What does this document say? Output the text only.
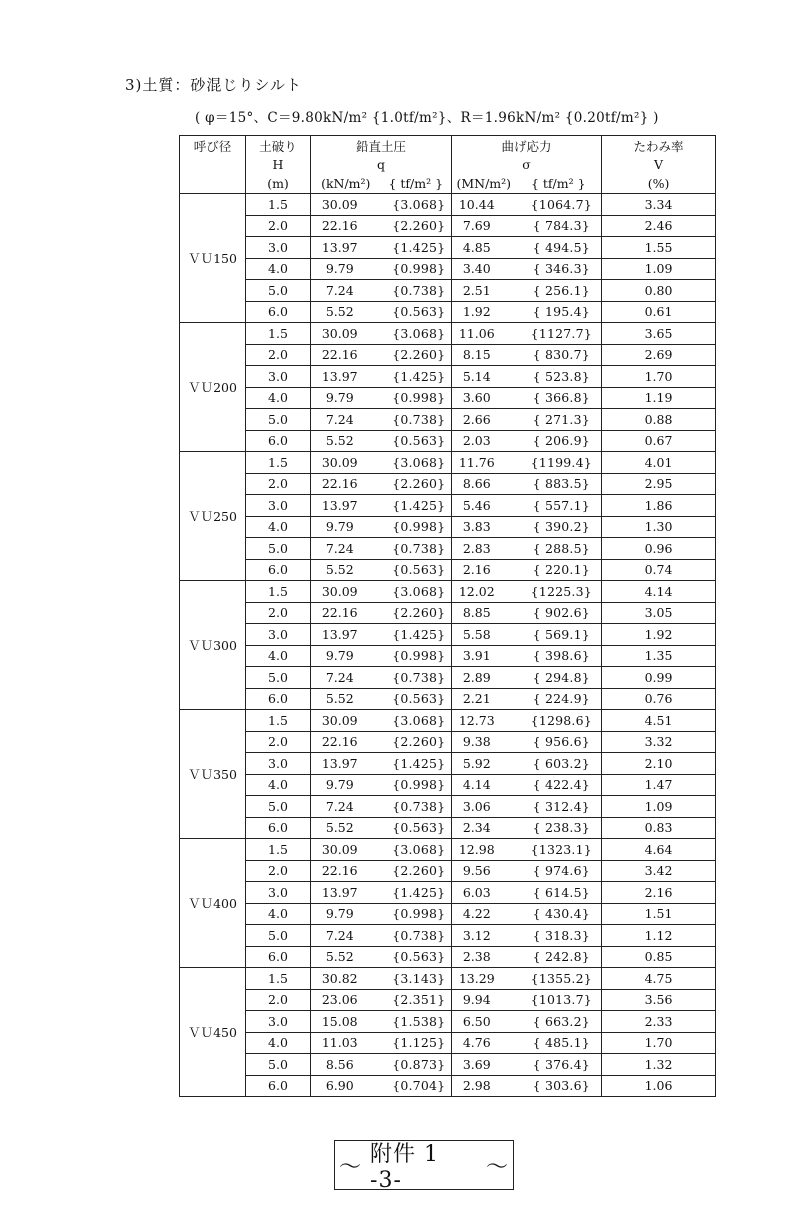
3)土質：砂混じりシルト
( φ＝15°、C＝9.80kN/m² {1.0tf/m²}、R＝1.96kN/m² {0.20tf/m²} )
呼び径	土破り	鉛直土圧		曲げ応力		たわみ率
	H	q		σ		V
	(m)	(kN/m²)	{ tf/m² }	(MN/m²)	{ tf/m² }	(%)
ＶＵ150	1.5	30.09	{3.068}	10.44	{1064.7}	3.34
	2.0	22.16	{2.260}	7.69	{ 784.3}	2.46
	3.0	13.97	{1.425}	4.85	{ 494.5}	1.55
	4.0	9.79	{0.998}	3.40	{ 346.3}	1.09
	5.0	7.24	{0.738}	2.51	{ 256.1}	0.80
	6.0	5.52	{0.563}	1.92	{ 195.4}	0.61
ＶＵ200	1.5	30.09	{3.068}	11.06	{1127.7}	3.65
	2.0	22.16	{2.260}	8.15	{ 830.7}	2.69
	3.0	13.97	{1.425}	5.14	{ 523.8}	1.70
	4.0	9.79	{0.998}	3.60	{ 366.8}	1.19
	5.0	7.24	{0.738}	2.66	{ 271.3}	0.88
	6.0	5.52	{0.563}	2.03	{ 206.9}	0.67
ＶＵ250	1.5	30.09	{3.068}	11.76	{1199.4}	4.01
	2.0	22.16	{2.260}	8.66	{ 883.5}	2.95
	3.0	13.97	{1.425}	5.46	{ 557.1}	1.86
	4.0	9.79	{0.998}	3.83	{ 390.2}	1.30
	5.0	7.24	{0.738}	2.83	{ 288.5}	0.96
	6.0	5.52	{0.563}	2.16	{ 220.1}	0.74
ＶＵ300	1.5	30.09	{3.068}	12.02	{1225.3}	4.14
	2.0	22.16	{2.260}	8.85	{ 902.6}	3.05
	3.0	13.97	{1.425}	5.58	{ 569.1}	1.92
	4.0	9.79	{0.998}	3.91	{ 398.6}	1.35
	5.0	7.24	{0.738}	2.89	{ 294.8}	0.99
	6.0	5.52	{0.563}	2.21	{ 224.9}	0.76
ＶＵ350	1.5	30.09	{3.068}	12.73	{1298.6}	4.51
	2.0	22.16	{2.260}	9.38	{ 956.6}	3.32
	3.0	13.97	{1.425}	5.92	{ 603.2}	2.10
	4.0	9.79	{0.998}	4.14	{ 422.4}	1.47
	5.0	7.24	{0.738}	3.06	{ 312.4}	1.09
	6.0	5.52	{0.563}	2.34	{ 238.3}	0.83
ＶＵ400	1.5	30.09	{3.068}	12.98	{1323.1}	4.64
	2.0	22.16	{2.260}	9.56	{ 974.6}	3.42
	3.0	13.97	{1.425}	6.03	{ 614.5}	2.16
	4.0	9.79	{0.998}	4.22	{ 430.4}	1.51
	5.0	7.24	{0.738}	3.12	{ 318.3}	1.12
	6.0	5.52	{0.563}	2.38	{ 242.8}	0.85
ＶＵ450	1.5	30.82	{3.143}	13.29	{1355.2}	4.75
	2.0	23.06	{2.351}	9.94	{1013.7}	3.56
	3.0	15.08	{1.538}	6.50	{ 663.2}	2.33
	4.0	11.03	{1.125}	4.76	{ 485.1}	1.70
	5.0	8.56	{0.873}	3.69	{ 376.4}	1.32
	6.0	6.90	{0.704}	2.98	{ 303.6}	1.06
～ 附件 1 -3-
～
